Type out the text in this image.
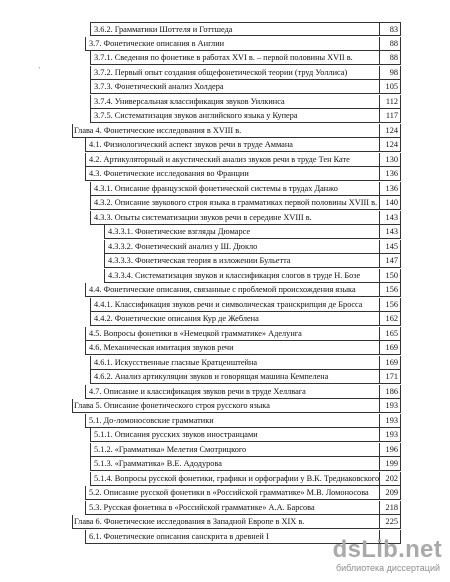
3.6.2. Грамматики Шоттеля и Готтшеда	83
3.7. Фонетические описания в Англии	88
3.7.1. Сведения по фонетике в работах XVI в. – первой половины XVII в.	88
3.7.2. Первый опыт создания общефонетической теории (труд Уоллиса)	98
3.7.3. Фонетический анализ Холдера	105
3.7.4. Универсальная классификация звуков Уилкинса	112
3.7.5. Систематизация звуков английского языка у Купера	117
Глава 4. Фонетические исследования в XVIII в.	124
4.1. Физиологический аспект звуков речи в труде Аммана	124
4.2. Артикуляторный и акустический анализ звуков речи в труде Тен Кате	130
4.3. Фонетические исследования во Франции	136
4.3.1. Описание французской фонетической системы в трудах Данжо	136
4.3.2. Описание звукового строя языка в грамматиках первой половины XVIII в.	140
4.3.3. Опыты систематизации звуков речи в середине XVIII в.	143
4.3.3.1. Фонетические взгляды Дюмарсе	143
4.3.3.2. Фонетический анализ у Ш. Дюкло	145
4.3.3.3. Фонетическая теория в изложении Бульетта	147
4.3.3.4. Систематизация звуков и классификация слогов в труде Н. Бозе	150
4.4. Фонетические описания, связанные с проблемой происхождения языка	156
4.4.1. Классификация звуков речи и символическая транскрипция де Броcса	156
4.4.2. Фонетические описания Кур де Жеблена	162
4.5. Вопросы фонетики в «Немецкой грамматике» Аделунга	165
4.6. Механическая имитация звуков речи	169
4.6.1. Искусственные гласные Кратценштейна	169
4.6.2. Анализ артикуляции звуков и говорящая машина Кемпелена	171
4.7. Описание и классификация звуков речи в труде Хеллвага	186
Глава 5. Описание фонетического строя русского языка	193
5.1. До-ломоносовские грамматики	193
5.1.1. Описания русских звуков иностранцами	193
5.1.2. «Грамматика» Мелетия Смотрицкого	196
5.1.3. «Грамматика» В.Е. Адодурова	199
5.1.4. Вопросы русской фонетики, графики и орфографии у В.К. Тредиаковского 202
5.2. Описание русской фонетики в «Российской грамматике» М.В. Ломоносова	209
5.3. Русская фонетика в «Российской грамматике» А.А. Барсова	218
Глава 6. Фонетические исследования в Западной Европе в XIX в.	225
6.1. Фонетические описания санскрита в древней I
`
dsLib.net
библиотека диссертаций
